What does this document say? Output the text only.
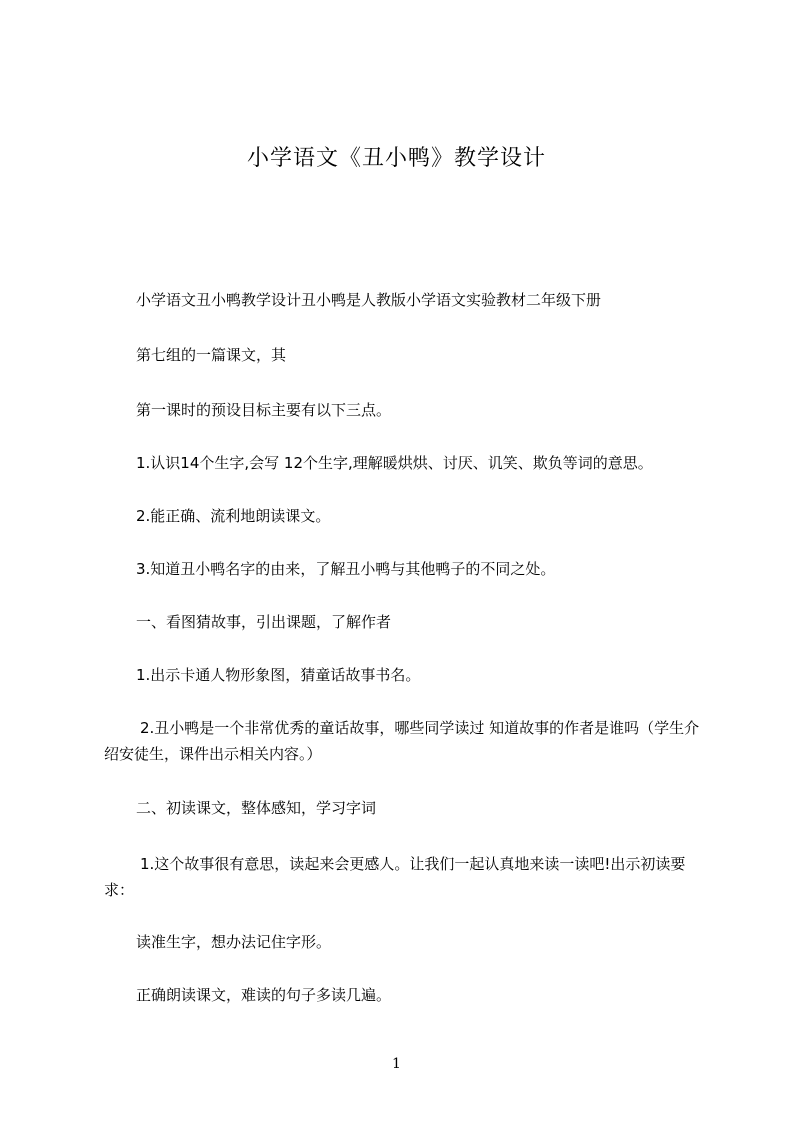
小学语文《丑小鸭》教学设计
小学语文丑小鸭教学设计丑小鸭是人教版小学语文实验教材二年级下册
第七组的一篇课文，其
第一课时的预设目标主要有以下三点。
1.认识14个生字,会写 12个生字,理解暖烘烘、讨厌、讥笑、欺负等词的意思。
2.能正确、流利地朗读课文。
3.知道丑小鸭名字的由来，了解丑小鸭与其他鸭子的不同之处。
一、看图猜故事，引出课题，了解作者
1.出示卡通人物形象图，猜童话故事书名。
2.丑小鸭是一个非常优秀的童话故事，哪些同学读过 知道故事的作者是谁吗（学生介绍安徒生，课件出示相关内容。）
二、初读课文，整体感知，学习字词
1.这个故事很有意思，读起来会更感人。让我们一起认真地来读一读吧!出示初读要求：
读准生字，想办法记住字形。
正确朗读课文，难读的句子多读几遍。
1
